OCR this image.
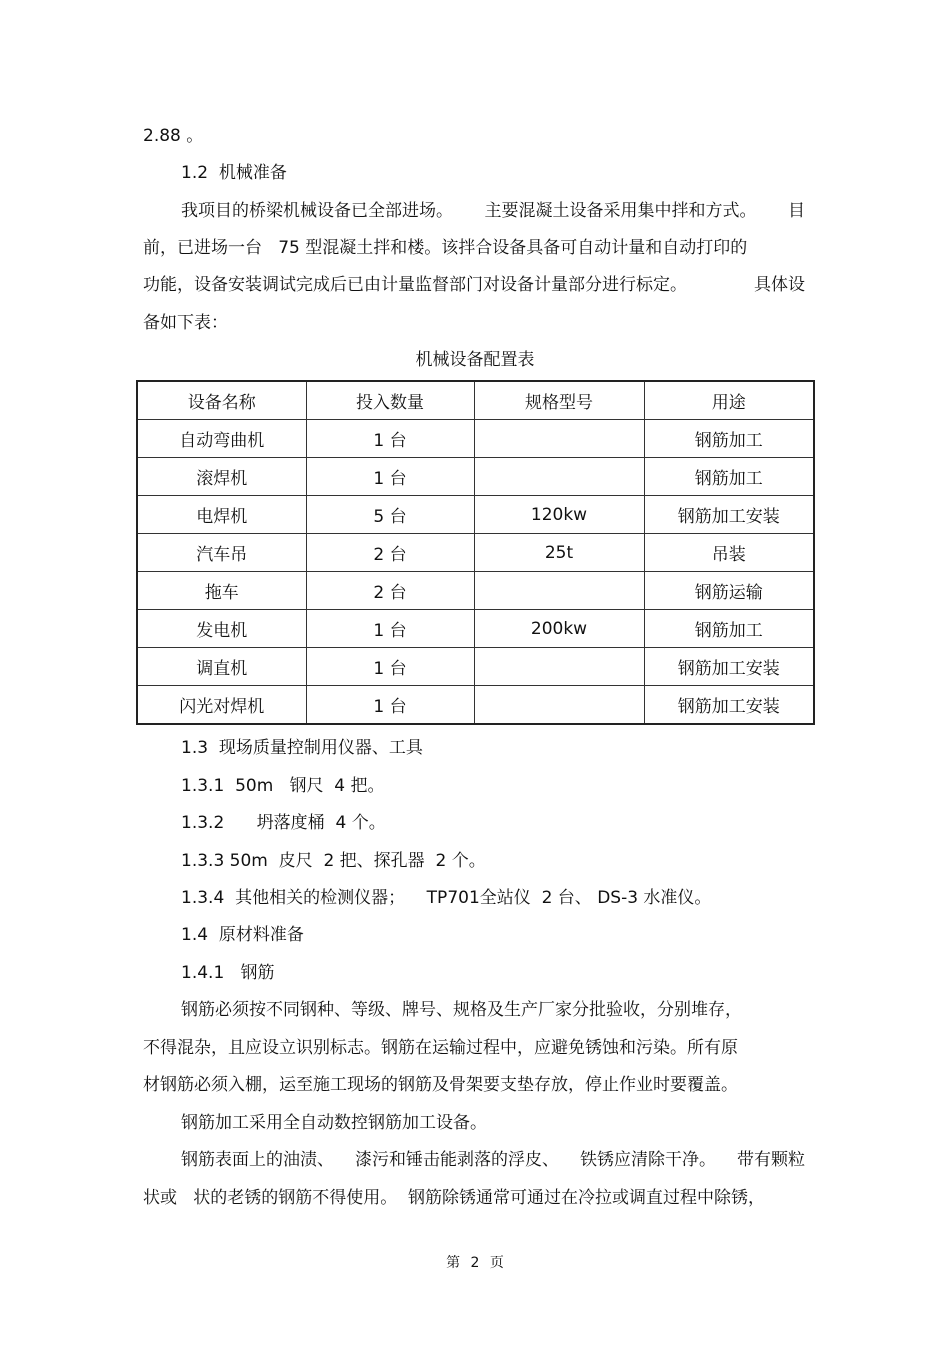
2.88 。
1.2  机械准备
我项目的桥梁机械设备已全部进场。 主要混凝土设备采用集中拌和方式。 目
前，已进场一台   75 型混凝土拌和楼。该拌合设备具备可自动计量和自动打印的
功能，设备安装调试完成后已由计量监督部门对设备计量部分进行标定。	具体设
备如下表：
机械设备配置表
设备名称	投入数量	规格型号	用途
自动弯曲机	1 台		钢筋加工
滚焊机	1 台		钢筋加工
电焊机	5 台	120kw	钢筋加工安装
汽车吊	2 台	25t	吊装
拖车	2 台		钢筋运输
发电机	1 台	200kw	钢筋加工
调直机	1 台		钢筋加工安装
闪光对焊机	1 台		钢筋加工安装
1.3  现场质量控制用仪器、工具
1.3.1  50m   钢尺  4 把。
1.3.2      坍落度桶  4 个。
1.3.3 50m  皮尺  2 把、探孔器  2 个。
1.3.4  其他相关的检测仪器；    TP701全站仪  2 台、 DS-3 水准仪。
1.4  原材料准备
1.4.1   钢筋
钢筋必须按不同钢种、等级、牌号、规格及生产厂家分批验收，分别堆存，
不得混杂，且应设立识别标志。钢筋在运输过程中，应避免锈蚀和污染。所有原
材钢筋必须入棚，运至施工现场的钢筋及骨架要支垫存放，停止作业时要覆盖。
钢筋加工采用全自动数控钢筋加工设备。
钢筋表面上的油渍、 漆污和锤击能剥落的浮皮、 铁锈应清除干净。 带有颗粒
状或   状的老锈的钢筋不得使用。  钢筋除锈通常可通过在冷拉或调直过程中除锈，
第 2 页
